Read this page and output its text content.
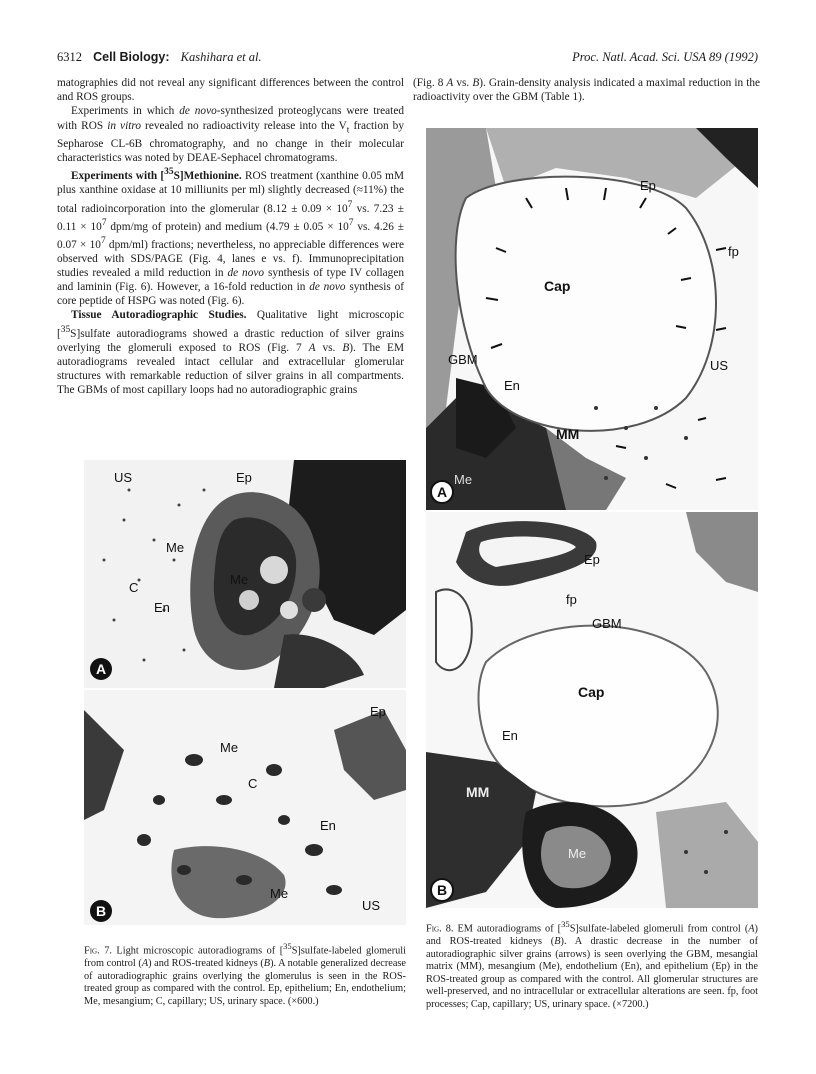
6312 Cell Biology: Kashihara et al.	Proc. Natl. Acad. Sci. USA 89 (1992)

matographies did not reveal any significant differences between the control and ROS groups.

Experiments in which de novo-synthesized proteoglycans were treated with ROS in vitro revealed no radioactivity release into the $V_t$ fraction by Sepharose CL-6B chromatography, and no change in their molecular characteristics was noted by DEAE-Sephacel chromatograms.

Experiments with [$^{35}$S]Methionine. ROS treatment (xanthine 0.05 mM plus xanthine oxidase at 10 milliunits per ml) slightly decreased (≈11%) the total radioincorporation into the glomerular ($8.12 \pm 0.09 \times 10^7$ vs. $7.23 \pm 0.11 \times 10^7$ dpm/mg of protein) and medium ($4.79 \pm 0.05 \times 10^7$ vs. $4.26 \pm 0.07 \times 10^7$ dpm/ml) fractions; nevertheless, no appreciable differences were observed with SDS/PAGE (Fig. 4, lanes e vs. f). Immunoprecipitation studies revealed a mild reduction in de novo synthesis of type IV collagen and laminin (Fig. 6). However, a 16-fold reduction in de novo synthesis of core peptide of HSPG was noted (Fig. 6).

Tissue Autoradiographic Studies. Qualitative light microscopic [$^{35}$S]sulfate autoradiograms showed a drastic reduction of silver grains overlying the glomeruli exposed to ROS (Fig. 7 A vs. B). The EM autoradiograms revealed intact cellular and extracellular glomerular structures with remarkable reduction of silver grains in all compartments. The GBMs of most capillary loops had no autoradiographic grains

(Fig. 8 A vs. B). Grain-density analysis indicated a maximal reduction in the radioactivity over the GBM (Table 1).
US	Ep
Me
Me
C
En
A
Ep
Me
C
En
Me
US
B
Fig. 7. Light microscopic autoradiograms of [$^{35}$S]sulfate-labeled glomeruli from control (A) and ROS-treated kidneys (B). A notable generalized decrease of autoradiographic grains overlying the glomerulus is seen in the ROS-treated group as compared with the control. Ep, epithelium; En, endothelium; Me, mesangium; C, capillary; US, urinary space. (×600.)
Ep
fp
Cap
GBM
En
US
MM
Me
A
Ep
fp
GBM
Cap
En
MM
Me
B
Fig. 8. EM autoradiograms of [$^{35}$S]sulfate-labeled glomeruli from control (A) and ROS-treated kidneys (B). A drastic decrease in the number of autoradiographic silver grains (arrows) is seen overlying the GBM, mesangial matrix (MM), mesangium (Me), endothelium (En), and epithelium (Ep) in the ROS-treated group as compared with the control. All glomerular structures are well-preserved, and no intracellular or extracellular alterations are seen. fp, foot processes; Cap, capillary; US, urinary space. (×7200.)
